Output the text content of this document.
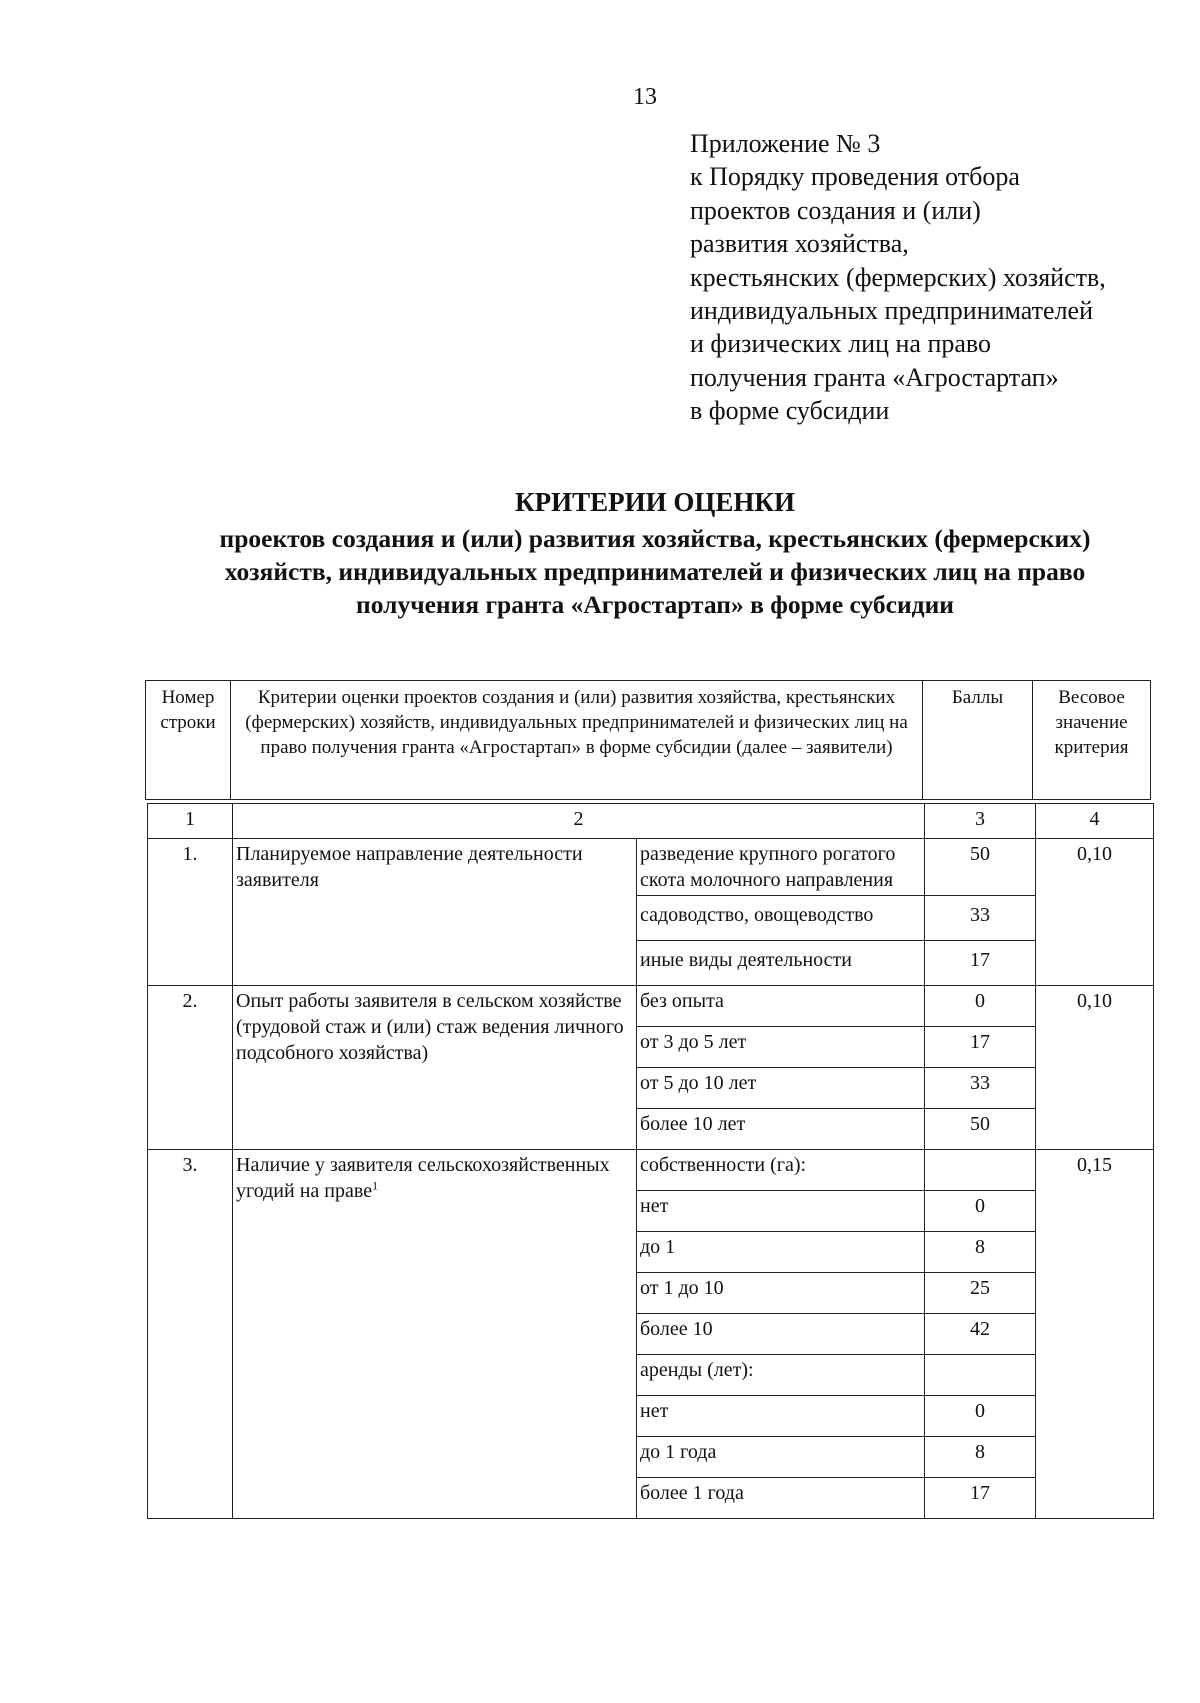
13
Приложение № 3
к Порядку проведения отбора
проектов создания и (или)
развития хозяйства,
крестьянских (фермерских) хозяйств,
индивидуальных предпринимателей
и физических лиц на право
получения гранта «Агростартап»
в форме субсидии
КРИТЕРИИ ОЦЕНКИ
проектов создания и (или) развития хозяйства, крестьянских (фермерских)
хозяйств, индивидуальных предпринимателей и физических лиц на право
получения гранта «Агростартап» в форме субсидии
Номер строки	Критерии оценки проектов создания и (или) развития хозяйства, крестьянских (фермерских) хозяйств, индивидуальных предпринимателей и физических лиц на право получения гранта «Агростартап» в форме субсидии (далее – заявители)	Баллы	Весовое значение критерия
1	2		3	4
1.	Планируемое направление деятельности заявителя	разведение крупного рогатого скота молочного направления	50	0,10
		садоводство, овощеводство	33	
		иные виды деятельности	17	
2.	Опыт работы заявителя в сельском хозяйстве (трудовой стаж и (или) стаж ведения личного подсобного хозяйства)	без опыта	0	0,10
		от 3 до 5 лет	17	
		от 5 до 10 лет	33	
		более 10 лет	50	
3.	Наличие у заявителя сельскохозяйственных угодий на праве$^1$	собственности (га):		0,15
		нет	0	
		до 1	8	
		от 1 до 10	25	
		более 10	42	
		аренды (лет):		
		нет	0	
		до 1 года	8	
		более 1 года	17	
